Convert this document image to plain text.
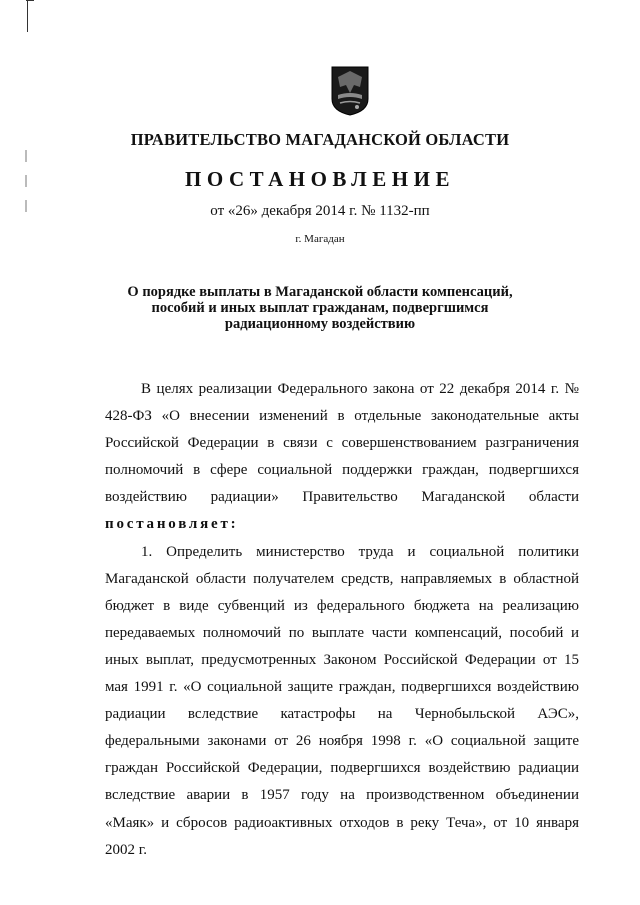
ПРАВИТЕЛЬСТВО МАГАДАНСКОЙ ОБЛАСТИ
ПОСТАНОВЛЕНИЕ
от «26» декабря 2014 г. № 1132-пп
г. Магадан
О порядке выплаты в Магаданской области компенсаций,
пособий и иных выплат гражданам, подвергшимся
радиационному воздействию

В целях реализации Федерального закона от 22 декабря 2014 г. № 428-ФЗ «О внесении изменений в отдельные законодательные акты Российской Федерации в связи с совершенствованием разграничения полномочий в сфере социальной поддержки граждан, подвергшихся воздействию радиации» Правительство Магаданской области постановляет:

1. Определить министерство труда и социальной политики Магаданской области получателем средств, направляемых в областной бюджет в виде субвенций из федерального бюджета на реализацию передаваемых полномочий по выплате части компенсаций, пособий и иных выплат, предусмотренных Законом Российской Федерации от 15 мая 1991 г. «О социальной защите граждан, подвергшихся воздействию радиации вследствие катастрофы на Чернобыльской АЭС», федеральными законами от 26 ноября 1998 г. «О социальной защите граждан Российской Федерации, подвергшихся воздействию радиации вследствие аварии в 1957 году на производственном объединении «Маяк» и сбросов радиоактивных отходов в реку Теча», от 10 января 2002 г.
